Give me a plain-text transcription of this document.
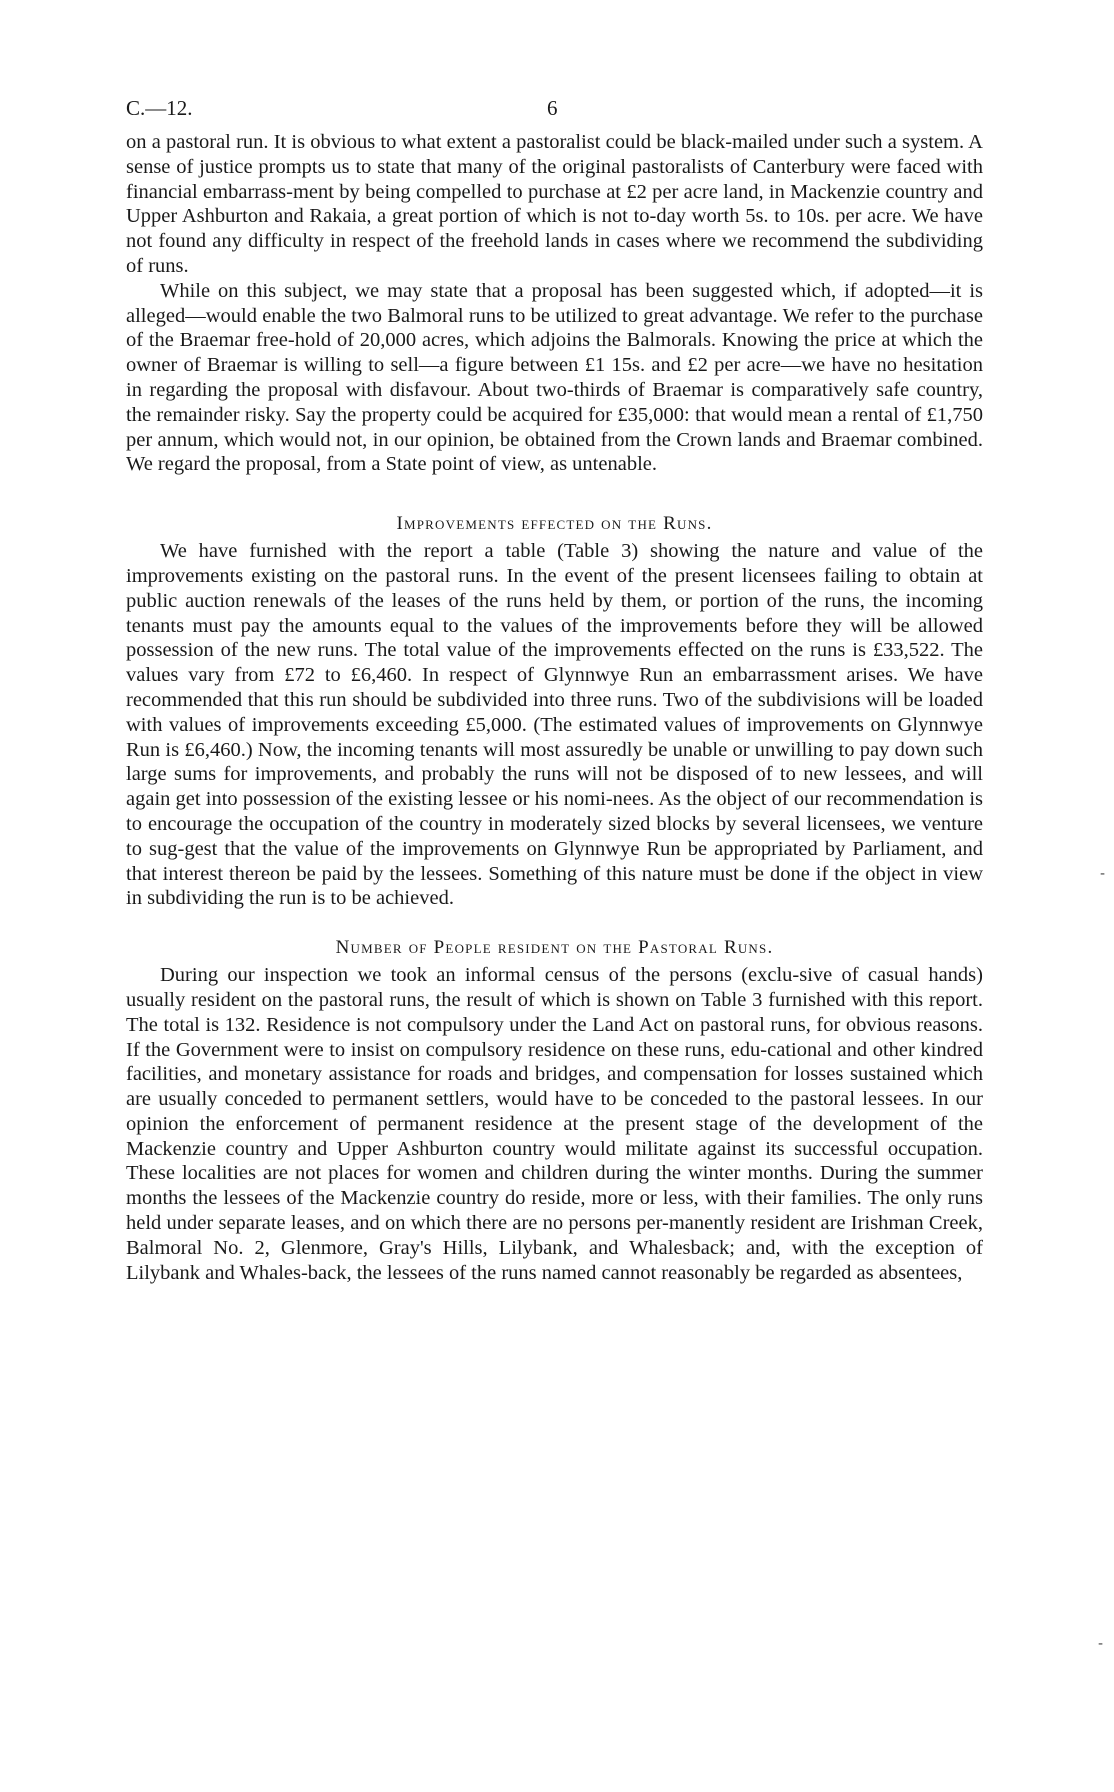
C.—12.	6

on a pastoral run. It is obvious to what extent a pastoralist could be black-mailed under such a system. A sense of justice prompts us to state that many of the original pastoralists of Canterbury were faced with financial embarrass-ment by being compelled to purchase at £2 per acre land, in Mackenzie country and Upper Ashburton and Rakaia, a great portion of which is not to-day worth 5s. to 10s. per acre. We have not found any difficulty in respect of the freehold lands in cases where we recommend the subdividing of runs.

While on this subject, we may state that a proposal has been suggested which, if adopted—it is alleged—would enable the two Balmoral runs to be utilized to great advantage. We refer to the purchase of the Braemar free-hold of 20,000 acres, which adjoins the Balmorals. Knowing the price at which the owner of Braemar is willing to sell—a figure between £1 15s. and £2 per acre—we have no hesitation in regarding the proposal with disfavour. About two-thirds of Braemar is comparatively safe country, the remainder risky. Say the property could be acquired for £35,000: that would mean a rental of £1,750 per annum, which would not, in our opinion, be obtained from the Crown lands and Braemar combined. We regard the proposal, from a State point of view, as untenable.

Improvements effected on the Runs.

We have furnished with the report a table (Table 3) showing the nature and value of the improvements existing on the pastoral runs. In the event of the present licensees failing to obtain at public auction renewals of the leases of the runs held by them, or portion of the runs, the incoming tenants must pay the amounts equal to the values of the improvements before they will be allowed possession of the new runs. The total value of the improvements effected on the runs is £33,522. The values vary from £72 to £6,460. In respect of Glynnwye Run an embarrassment arises. We have recommended that this run should be subdivided into three runs. Two of the subdivisions will be loaded with values of improvements exceeding £5,000. (The estimated values of improvements on Glynnwye Run is £6,460.) Now, the incoming tenants will most assuredly be unable or unwilling to pay down such large sums for improvements, and probably the runs will not be disposed of to new lessees, and will again get into possession of the existing lessee or his nomi-nees. As the object of our recommendation is to encourage the occupation of the country in moderately sized blocks by several licensees, we venture to sug-gest that the value of the improvements on Glynnwye Run be appropriated by Parliament, and that interest thereon be paid by the lessees. Something of this nature must be done if the object in view in subdividing the run is to be achieved.

Number of People resident on the Pastoral Runs.

During our inspection we took an informal census of the persons (exclu-sive of casual hands) usually resident on the pastoral runs, the result of which is shown on Table 3 furnished with this report. The total is 132. Residence is not compulsory under the Land Act on pastoral runs, for obvious reasons. If the Government were to insist on compulsory residence on these runs, edu-cational and other kindred facilities, and monetary assistance for roads and bridges, and compensation for losses sustained which are usually conceded to permanent settlers, would have to be conceded to the pastoral lessees. In our opinion the enforcement of permanent residence at the present stage of the development of the Mackenzie country and Upper Ashburton country would militate against its successful occupation. These localities are not places for women and children during the winter months. During the summer months the lessees of the Mackenzie country do reside, more or less, with their families. The only runs held under separate leases, and on which there are no persons per-manently resident are Irishman Creek, Balmoral No. 2, Glenmore, Gray's Hills, Lilybank, and Whalesback; and, with the exception of Lilybank and Whales-back, the lessees of the runs named cannot reasonably be regarded as absentees,

‑
‑
